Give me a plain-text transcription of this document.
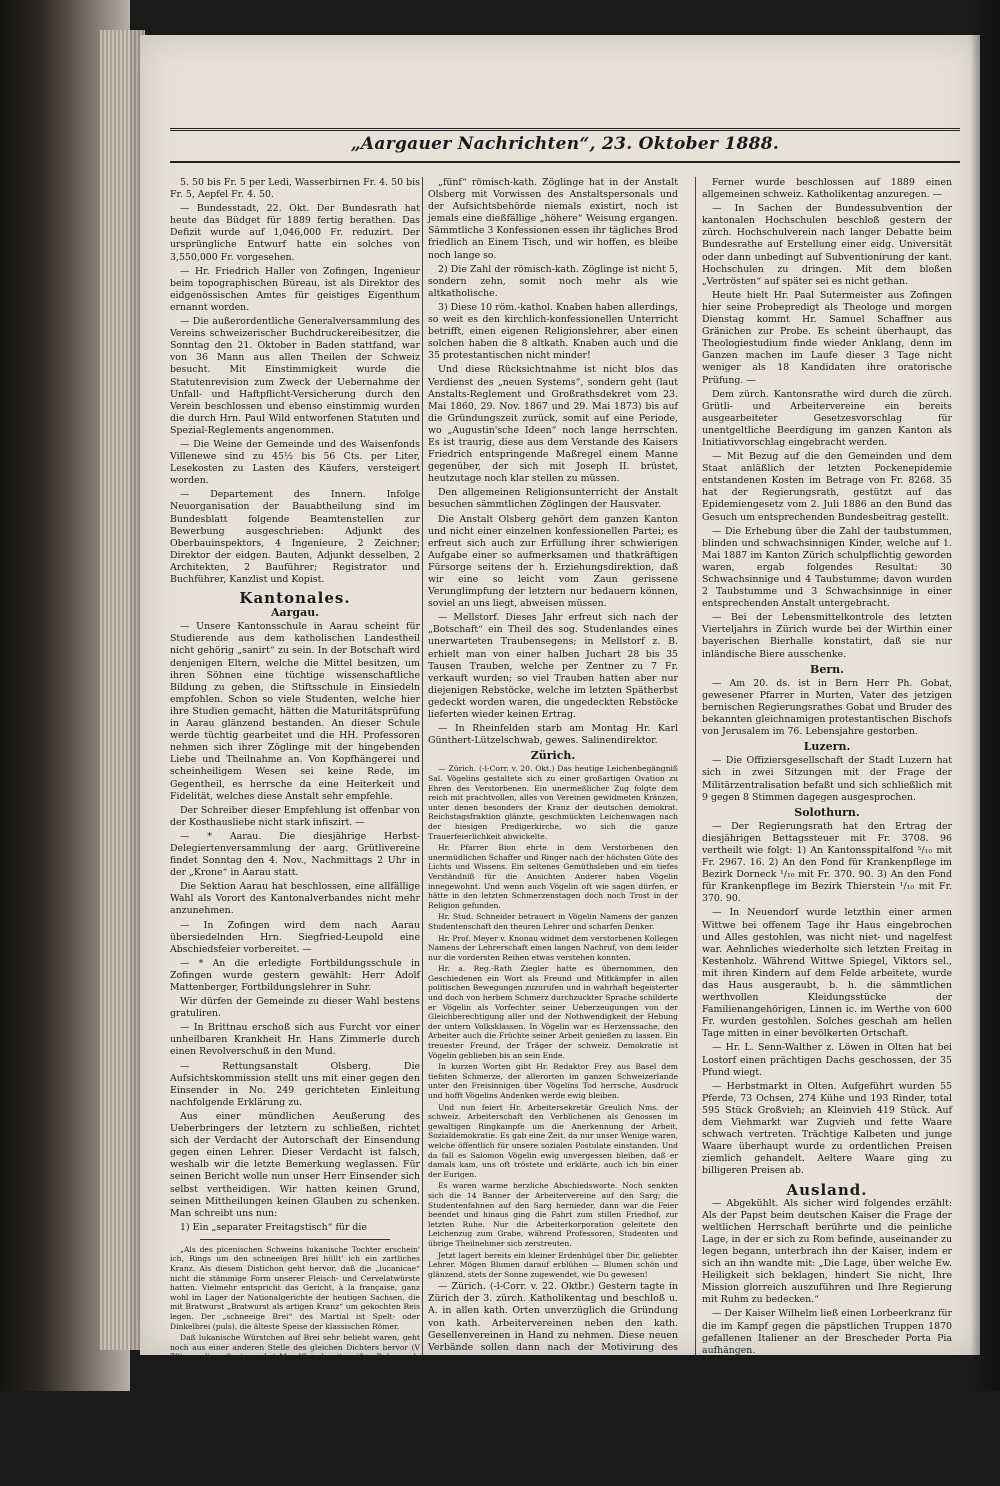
„Aargauer Nachrichten“, 23. Oktober 1888.

5. 50 bis Fr. 5 per Ledi, Wasserbirnen Fr. 4. 50 bis Fr. 5, Aepfel Fr. 4. 50.

— Bundesstadt, 22. Okt. Der Bundesrath hat heute das Büdget für 1889 fertig berathen. Das Defizit wurde auf 1,046,000 Fr. reduzirt. Der ursprüngliche Entwurf hatte ein solches von 3,550,000 Fr. vorgesehen.

— Hr. Friedrich Haller von Zofingen, Ingenieur beim topographischen Büreau, ist als Direktor des eidgenössischen Amtes für geistiges Eigenthum ernannt worden.

— Die außerordentliche Generalversammlung des Vereins schweizerischer Buchdruckereibesitzer, die Sonntag den 21. Oktober in Baden stattfand, war von 36 Mann aus allen Theilen der Schweiz besucht. Mit Einstimmigkeit wurde die Statutenrevision zum Zweck der Uebernahme der Unfall- und Haftpflicht-Versicherung durch den Verein beschlossen und ebenso einstimmig wurden die durch Hrn. Paul Wild entworfenen Statuten und Spezial-Reglements angenommen.

— Die Weine der Gemeinde und des Waisenfonds Villenewe sind zu 45½ bis 56 Cts. per Liter, Lesekosten zu Lasten des Käufers, versteigert worden.

— Departement des Innern. Infolge Neuorganisation der Bauabtheilung sind im Bundesblatt folgende Beamtenstellen zur Bewerbung ausgeschrieben: Adjunkt des Oberbauinspektors, 4 Ingenieure, 2 Zeichner; Direktor der eidgen. Bauten, Adjunkt desselben, 2 Architekten, 2 Bauführer; Registrator und Buchführer, Kanzlist und Kopist.

Kantonales.
Aargau.

— Unsere Kantonsschule in Aarau scheint für Studierende aus dem katholischen Landestheil nicht gehörig „sanirt“ zu sein. In der Botschaft wird denjenigen Eltern, welche die Mittel besitzen, um ihren Söhnen eine tüchtige wissenschaftliche Bildung zu geben, die Stiftsschule in Einsiedeln empfohlen. Schon so viele Studenten, welche hier ihre Studien gemacht, hätten die Maturitätsprüfung in Aarau glänzend bestanden. An dieser Schule werde tüchtig gearbeitet und die HH. Professoren nehmen sich ihrer Zöglinge mit der hingebenden Liebe und Theilnahme an. Von Kopfhängerei und scheinheiligem Wesen sei keine Rede, im Gegentheil, es herrsche da eine Heiterkeit und Fidelität, welches diese Anstalt sehr empfehle.

Der Schreiber dieser Empfehlung ist offenbar von der Kosthausliebe nicht stark infiszirt. —

— * Aarau. Die diesjährige Herbst-Delegiertenversammlung der aarg. Grütlivereine findet Sonntag den 4. Nov., Nachmittags 2 Uhr in der „Krone“ in Aarau statt.

Die Sektion Aarau hat beschlossen, eine allfällige Wahl als Vorort des Kantonalverbandes nicht mehr anzunehmen.

— In Zofingen wird dem nach Aarau übersiedelnden Hrn. Siegfried-Leupold eine Abschiedsfeier vorbereitet. —

— * An die erledigte Fortbildungsschule in Zofingen wurde gestern gewählt: Herr Adolf Mattenberger, Fortbildungslehrer in Suhr.

Wir dürfen der Gemeinde zu dieser Wahl bestens gratuliren.

— In Brittnau erschoß sich aus Furcht vor einer unheilbaren Krankheit Hr. Hans Zimmerle durch einen Revolverschuß in den Mund.

— Rettungsanstalt Olsberg. Die Aufsichtskommission stellt uns mit einer gegen den Einsender in No. 249 gerichteten Einleitung nachfolgende Erklärung zu.

Aus einer mündlichen Aeußerung des Ueberbringers der letztern zu schließen, richtet sich der Verdacht der Autorschaft der Einsendung gegen einen Lehrer. Dieser Verdacht ist falsch, weshalb wir die letzte Bemerkung weglassen. Für seinen Bericht wolle nun unser Herr Einsender sich selbst vertheidigen. Wir hatten keinen Grund, seinen Mittheilungen keinen Glauben zu schenken. Man schreibt uns nun:

1) Ein „separater Freitagstisch“ für die

„Als des picenischen Schweins lukanische Tochter erschein' ich, Rings um den schneeigen Brei hüllt' ich ein zartliches Kranz. Als diesem Distichon geht hervor, daß die „lucanicae“ nicht die stämmige Form unserer Fleisch- und Cervelatwürste hatten. Vielmehr entspricht das Gericht, à la française, ganz wohl im Lager der Nationalgerichte der heutigen Sachsen, die mit Bratwurst „Bratwurst als artigen Kranz“ um gekochten Reis legen. Der „schneeige Brei“ des Martial ist Spelt- oder Dinkelbrei (puls), die älteste Speise der klassischen Römer.

Daß lukanische Würstchen auf Brei sehr beliebt waren, geht noch aus einer anderen Stelle des gleichen Dichters hervor (V 78), wo diese Speise nebst Mandfleisch mit weißen Bohnen als ein Mittagsmahl namhaft gemacht wird, zu dem man schon einen guten Freund einladen konnte, wenn man, wie Valerius Martialis, in bescheidenen Verhältnissen lebte.

Noch im vierten Jahrhundert werden die hier erörterten Wurstsorten mehrfach erwähnt.

Wie die Sache sich später gestaltet hat, namentlich als die Germanen, die sich auf ihren Wanderzügen wohl kaum die Zeit nahmen, Würste zu stopfen, in das zerbröckelnde Römerreich immer zahlreicher und entschiedener eintraten, das darzulegen, überschreitet die Grenzen unserer heutigen Aufgabe.

Ende.

„fünf“ römisch-kath. Zöglinge hat in der Anstalt Olsberg mit Vorwissen des Anstaltspersonals und der Aufsichtsbehörde niemals existirt, noch ist jemals eine dießfällige „höhere“ Weisung ergangen. Sämmtliche 3 Konfessionen essen ihr tägliches Brod friedlich an Einem Tisch, und wir hoffen, es bleibe noch lange so.

2) Die Zahl der römisch-kath. Zöglinge ist nicht 5, sondern zehn, somit noch mehr als wie altkatholische.

3) Diese 10 röm.-kathol. Knaben haben allerdings, so weit es den kirchlich-konfessionellen Unterricht betrifft, einen eigenen Religionslehrer, aber einen solchen haben die 8 altkath. Knaben auch und die 35 protestantischen nicht minder!

Und diese Rücksichtnahme ist nicht blos das Verdienst des „neuen Systems“, sondern geht (laut Anstalts-Reglement und Großrathsdekret vom 23. Mai 1860, 29. Nov. 1867 und 29. Mai 1873) bis auf die Gründungszeit zurück, somit auf eine Periode, wo „Augustin'sche Ideen“ noch lange herrschten. Es ist traurig, diese aus dem Verstande des Kaisers Friedrich entspringende Maßregel einem Manne gegenüber, der sich mit Joseph II. brüstet, heutzutage noch klar stellen zu müssen.

Den allgemeinen Religionsunterricht der Anstalt besuchen sämmtlichen Zöglingen der Hausvater.

Die Anstalt Olsberg gehört dem ganzen Kanton und nicht einer einzelnen konfessionellen Partei; es erfreut sich auch zur Erfüllung ihrer schwierigen Aufgabe einer so aufmerksamen und thatkräftigen Fürsorge seitens der h. Erziehungsdirektion, daß wir eine so leicht vom Zaun gerissene Verunglimpfung der letztern nur bedauern können, soviel an uns liegt, abweisen müssen.

— Mellstorf. Dieses Jahr erfreut sich nach der „Botschaft“ ein Theil des sog. Studenlandes eines unerwarteten Traubensegens; in Mellstorf z. B. erhielt man von einer halben Juchart 28 bis 35 Tausen Trauben, welche per Zentner zu 7 Fr. verkauft wurden; so viel Trauben hatten aber nur diejenigen Rebstöcke, welche im letzten Spätherbst gedeckt worden waren, die ungedeckten Rebstöcke lieferten wieder keinen Ertrag.

— In Rheinfelden starb am Montag Hr. Karl Günthert-Lützelschwab, gewes. Salinendirektor.

Zürich.

— Zürich. (-l-Corr. v. 20. Okt.) Das heutige Leichenbegängniß Sal. Vögelins gestaltete sich zu einer großartigen Ovation zu Ehren des Verstorbenen. Ein unermeßlicher Zug folgte dem reich mit prachtvollen, alles von Vereinen gewidmeten Kränzen, unter denen besonders der Kranz der deutschen demokrat. Reichstagsfraktion glänzte, geschmückten Leichenwagen nach der hiesigen Predigerkirche, wo sich die ganze Trauerfeierlichkeit abwickelte.

Hr. Pfarrer Bion ehrte in dem Verstorbenen den unermüdlichen Schaffer und Ringer nach der höchsten Güte des Lichts und Wissens. Ein seltenes Gemüthsleben und ein tiefes Verständniß für die Ansichten Anderer haben Vögelin innegewohnt. Und wenn auch Vögelin oft wie sagen dürfen, er hätte in den letzten Schmerzenstagen doch noch Trost in der Religion gefunden.

Hr. Stud. Schneider betrauert in Vögelin Namens der ganzen Studentenschaft den theuren Lehrer und scharfen Denker.

Hr. Prof. Meyer v. Knonau widmet dem verstorbenen Kollegen Namens der Lehrerschaft einen langen Nachruf, von dem leider nur die vordersten Reihen etwas verstehen konnten.

Hr. a. Reg.-Rath Ziegler hatte es übernommen, den Geschiedenen ein Wort als Freund und Mitkämpfer in allen politischen Bewegungen zuzurufen und in wahrhaft begeisterter und doch von herbem Schmerz durchzuckter Sprache schilderte er Vögelin als Vorfechter seiner Ueberzeugungen von der Gleichberechtigung aller und der Nothwendigkeit der Hebung der untern Volksklassen. In Vögelin war es Herzenssache, den Arbeiter auch die Früchte seiner Arbeit genießen zu lassen. Ein treuester Freund, der Träger der schweiz. Demokratie ist Vögelin geblieben bis an sein Ende.

In kurzen Worten gibt Hr. Redaktor Frey aus Basel dem tiefsten Schmerze, der allerorten im ganzen Schweizerlande unter den Freisinnigen über Vögelins Tod herrsche, Ausdruck und hofft Vögelins Andenken werde ewig bleiben.

Und nun feiert Hr. Arbeitersekretär Greulich Nms. der schweiz. Arbeiterschaft den Verblichenen als Genossen im gewaltigen Ringkampfe um die Anerkennung der Arbeit, Sozialdemokratie. Es gab eine Zeit, da nur unser Wenige waren, welche öffentlich für unsere sozialen Postulate einstanden. Und da fall es Salomon Vögelin ewig unvergessen bleiben, daß er damals kam, uns oft tröstete und erklärte, auch ich bin einer der Eurigen.

Es waren warme herzliche Abschiedsworte. Noch senkten sich die 14 Banner der Arbeitervereine auf den Sarg; die Studentenfahnen auf den Sarg hernieder, dann war die Feier beendet und hinaus ging die Fahrt zum stillen Friedhof, zur letzten Ruhe. Nur die Arbeiterkorporation geleitete den Leichenzug zum Grabe, während Professoren, Studenten und übrige Theilnehmer sich zerstreuten.

Jetzt lagert bereits ein kleiner Erdenhügel über Dir, geliebter Lehrer. Mögen Blumen darauf erblühen — Blumen schön und glänzend, stets der Sonne zugewendet, wie Du gewesen!

— Zürich. (-l-Corr. v. 22. Oktbr.) Gestern tagte in Zürich der 3. zürch. Katholikentag und beschloß u. A. in allen kath. Orten unverzüglich die Gründung von kath. Arbeitervereinen neben den kath. Gesellenvereinen in Hand zu nehmen. Diese neuen Verbände sollen dann nach der Motivirung des Antragstellers Hrn. Beck aus Luzern als „Bollwerke“ dem Fortschreiten des Liberalismus und Sozialismus entgegengestellt werden.

Dieser Beschluß birgt wenigstens das Gute haben, daß an dem nächsten schweiz. Arbeitertag ganz hübsch diese „Bollwerke“ bei Seite gelassen werden. Man kennt ja jetzt die Meinung der „sozialreformfreundlichen“ Herren Katholikenführer.*)

*) Als radikale Stimmen f. Zt. dies vorausgesagt, wurden sie von der Führerschaft der Arbeiter angekreidet. Die Red.

Ferner wurde beschlossen auf 1889 einen allgemeinen schweiz. Katholikentag anzuregen. —

— In Sachen der Bundessubvention der kantonalen Hochschulen beschloß gestern der zürch. Hochschulverein nach langer Debatte beim Bundesrathe auf Erstellung einer eidg. Universität oder dann unbedingt auf Subventionirung der kant. Hochschulen zu dringen. Mit dem bloßen „Vertrösten“ auf später sei es nicht gethan.

Heute hielt Hr. Paal Sutermeister aus Zofingen hier seine Probepredigt als Theologe und morgen Dienstag kommt Hr. Samuel Schaffner aus Gränichen zur Probe. Es scheint überhaupt, das Theologiestudium finde wieder Anklang, denn im Ganzen machen im Laufe dieser 3 Tage nicht weniger als 18 Kandidaten ihre oratorische Prüfung. —

Dem zürch. Kantonsrathe wird durch die zürch. Grütli- und Arbeitervereine ein bereits ausgearbeiteter Gesetzesvorschlag für unentgeltliche Beerdigung im ganzen Kanton als Initiativvorschlag eingebracht werden.

— Mit Bezug auf die den Gemeinden und dem Staat anläßlich der letzten Pockenepidemie entstandenen Kosten im Betrage von Fr. 8268. 35 hat der Regierungsrath, gestützt auf das Epidemiengesetz vom 2. Juli 1886 an den Bund das Gesuch um entsprechenden Bundesbeitrag gestellt.

— Die Erhebung über die Zahl der taubstummen, blinden und schwachsinnigen Kinder, welche auf 1. Mai 1887 im Kanton Zürich schulpflichtig geworden waren, ergab folgendes Resultat: 30 Schwachsinnige und 4 Taubstumme; davon wurden 2 Taubstumme und 3 Schwachsinnige in einer entsprechenden Anstalt untergebracht.

— Bei der Lebensmittelkontrole des letzten Vierteljahrs in Zürich wurde bei der Wirthin einer bayerischen Bierhalle konstatirt, daß sie nur inländische Biere ausschenke.

Bern.

— Am 20. ds. ist in Bern Herr Ph. Gobat, gewesener Pfarrer in Murten, Vater des jetzigen bernischen Regierungsrathes Gobat und Bruder des bekannten gleichnamigen protestantischen Bischofs von Jerusalem im 76. Lebensjahre gestorben.

Luzern.

— Die Offiziersgesellschaft der Stadt Luzern hat sich in zwei Sitzungen mit der Frage der Militärzentralisation befaßt und sich schließlich mit 9 gegen 8 Stimmen dagegen ausgesprochen.

Solothurn.

— Der Regierungsrath hat den Ertrag der diesjährigen Bettagssteuer mit Fr. 3708. 96 vertheilt wie folgt: 1) An Kantonsspitalfond ⁵/₁₀ mit Fr. 2967. 16. 2) An den Fond für Krankenpflege im Bezirk Dorneck ¹/₁₀ mit Fr. 370. 90. 3) An den Fond für Krankenpflege im Bezirk Thierstein ¹/₁₀ mit Fr. 370. 90.

— In Neuendorf wurde letzthin einer armen Wittwe bei offenem Tage ihr Haus eingebrochen und Alles gestohlen, was nicht niet- und nagelfest war. Aehnliches wiederholte sich letzten Freitag in Kestenholz. Während Wittwe Spiegel, Viktors sel., mit ihren Kindern auf dem Felde arbeitete, wurde das Haus ausgeraubt, b. h. die sämmtlichen werthvollen Kleidungsstücke der Familienangehörigen, Linnen ic. im Werthe von 600 Fr. wurden gestohlen. Solches geschah am hellen Tage mitten in einer bevölkerten Ortschaft.

— Hr. L. Senn-Walther z. Löwen in Olten hat bei Lostorf einen prächtigen Dachs geschossen, der 35 Pfund wiegt.

— Herbstmarkt in Olten. Aufgeführt wurden 55 Pferde, 73 Ochsen, 274 Kühe und 193 Rinder, total 595 Stück Großvieh; an Kleinvieh 419 Stück. Auf dem Viehmarkt war Zugvieh und fette Waare schwach vertreten. Trächtige Kalbeten und junge Waare überhaupt wurde zu ordentlichen Preisen ziemlich gehandelt. Aeltere Waare ging zu billigeren Preisen ab.

Ausland.

— Abgekühlt. Als sicher wird folgendes erzählt: Als der Papst beim deutschen Kaiser die Frage der weltlichen Herrschaft berührte und die peinliche Lage, in der er sich zu Rom befinde, auseinander zu legen begann, unterbrach ihn der Kaiser, indem er sich an ihn wandte mit: „Die Lage, über welche Ew. Heiligkeit sich beklagen, hindert Sie nicht, Ihre Mission glorreich auszuführen und Ihre Regierung mit Ruhm zu bedecken.“

— Der Kaiser Wilhelm ließ einen Lorbeerkranz für die im Kampf gegen die päpstlichen Truppen 1870 gefallenen Italiener an der Brescheder Porta Pia aufhängen.

— Zum Streit der Aerzte. Die „Nationalzeitung veröffentlicht gegenüber Mackenzie's Anschuldigung, daß Bergmann einen falschen Weg bei der Luftröhre gemacht, wodurch der Tod Kaiser Friedrichs beschleunigt worden und da Mackenzie zum Beweise hiefür sich auf das Sektionsprotokoll beruft, eine gemeinsame Erklärung Virchow's und Waldeyer's, daß in dem Sektionsprotokolle von einer Abszeßhöhle
